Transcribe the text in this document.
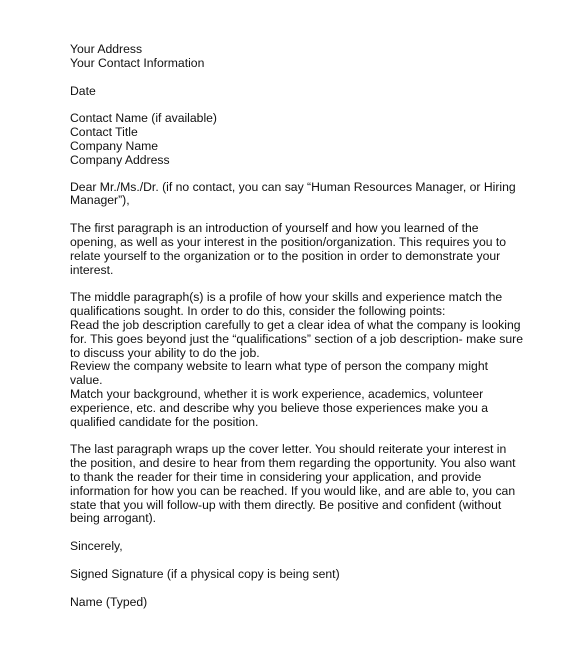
Your Address
Your Contact Information
Date
Contact Name (if available)
Contact Title
Company Name
Company Address
Dear Mr./Ms./Dr. (if no contact, you can say “Human Resources Manager, or Hiring
Manager”),
The first paragraph is an introduction of yourself and how you learned of the
opening, as well as your interest in the position/organization. This requires you to
relate yourself to the organization or to the position in order to demonstrate your
interest.
The middle paragraph(s) is a profile of how your skills and experience match the
qualifications sought. In order to do this, consider the following points:
Read the job description carefully to get a clear idea of what the company is looking
for. This goes beyond just the “qualifications” section of a job description- make sure
to discuss your ability to do the job.
Review the company website to learn what type of person the company might
value.
Match your background, whether it is work experience, academics, volunteer
experience, etc. and describe why you believe those experiences make you a
qualified candidate for the position.
The last paragraph wraps up the cover letter. You should reiterate your interest in
the position, and desire to hear from them regarding the opportunity. You also want
to thank the reader for their time in considering your application, and provide
information for how you can be reached. If you would like, and are able to, you can
state that you will follow-up with them directly. Be positive and confident (without
being arrogant).
Sincerely,
Signed Signature (if a physical copy is being sent)
Name (Typed)
